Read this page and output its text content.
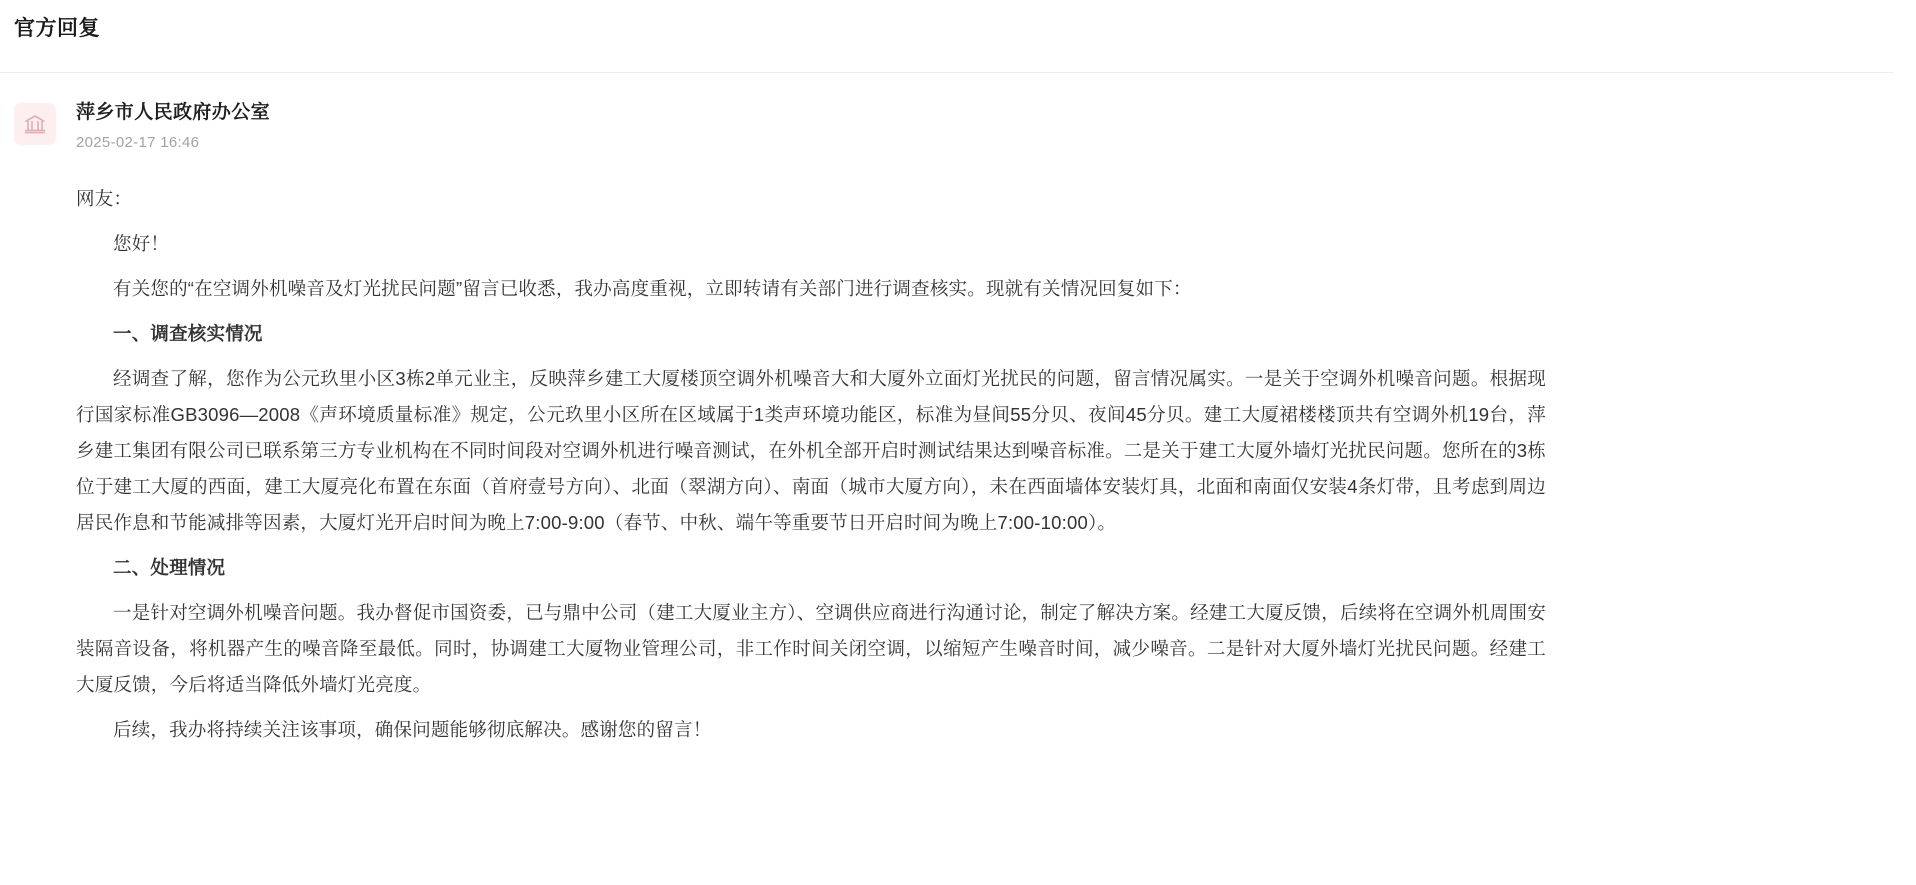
官方回复
萍乡市人民政府办公室
2025-02-17 16:46

网友：

您好！

有关您的“在空调外机噪音及灯光扰民问题”留言已收悉，我办高度重视，立即转请有关部门进行调查核实。现就有关情况回复如下：

一、调查核实情况

经调查了解，您作为公元玖里小区3栋2单元业主，反映萍乡建工大厦楼顶空调外机噪音大和大厦外立面灯光扰民的问题，留言情况属实。一是关于空调外机噪音问题。根据现行国家标准GB3096—2008《声环境质量标准》规定，公元玖里小区所在区域属于1类声环境功能区，标准为昼间55分贝、夜间45分贝。建工大厦裙楼楼顶共有空调外机19台，萍乡建工集团有限公司已联系第三方专业机构在不同时间段对空调外机进行噪音测试，在外机全部开启时测试结果达到噪音标准。二是关于建工大厦外墙灯光扰民问题。您所在的3栋位于建工大厦的西面，建工大厦亮化布置在东面（首府壹号方向）、北面（翠湖方向）、南面（城市大厦方向），未在西面墙体安装灯具，北面和南面仅安装4条灯带，且考虑到周边居民作息和节能减排等因素，大厦灯光开启时间为晚上7:00-9:00（春节、中秋、端午等重要节日开启时间为晚上7:00-10:00）。

二、处理情况

一是针对空调外机噪音问题。我办督促市国资委，已与鼎中公司（建工大厦业主方）、空调供应商进行沟通讨论，制定了解决方案。经建工大厦反馈，后续将在空调外机周围安装隔音设备，将机器产生的噪音降至最低。同时，协调建工大厦物业管理公司，非工作时间关闭空调，以缩短产生噪音时间，减少噪音。二是针对大厦外墙灯光扰民问题。经建工大厦反馈，今后将适当降低外墙灯光亮度。

后续，我办将持续关注该事项，确保问题能够彻底解决。感谢您的留言！
